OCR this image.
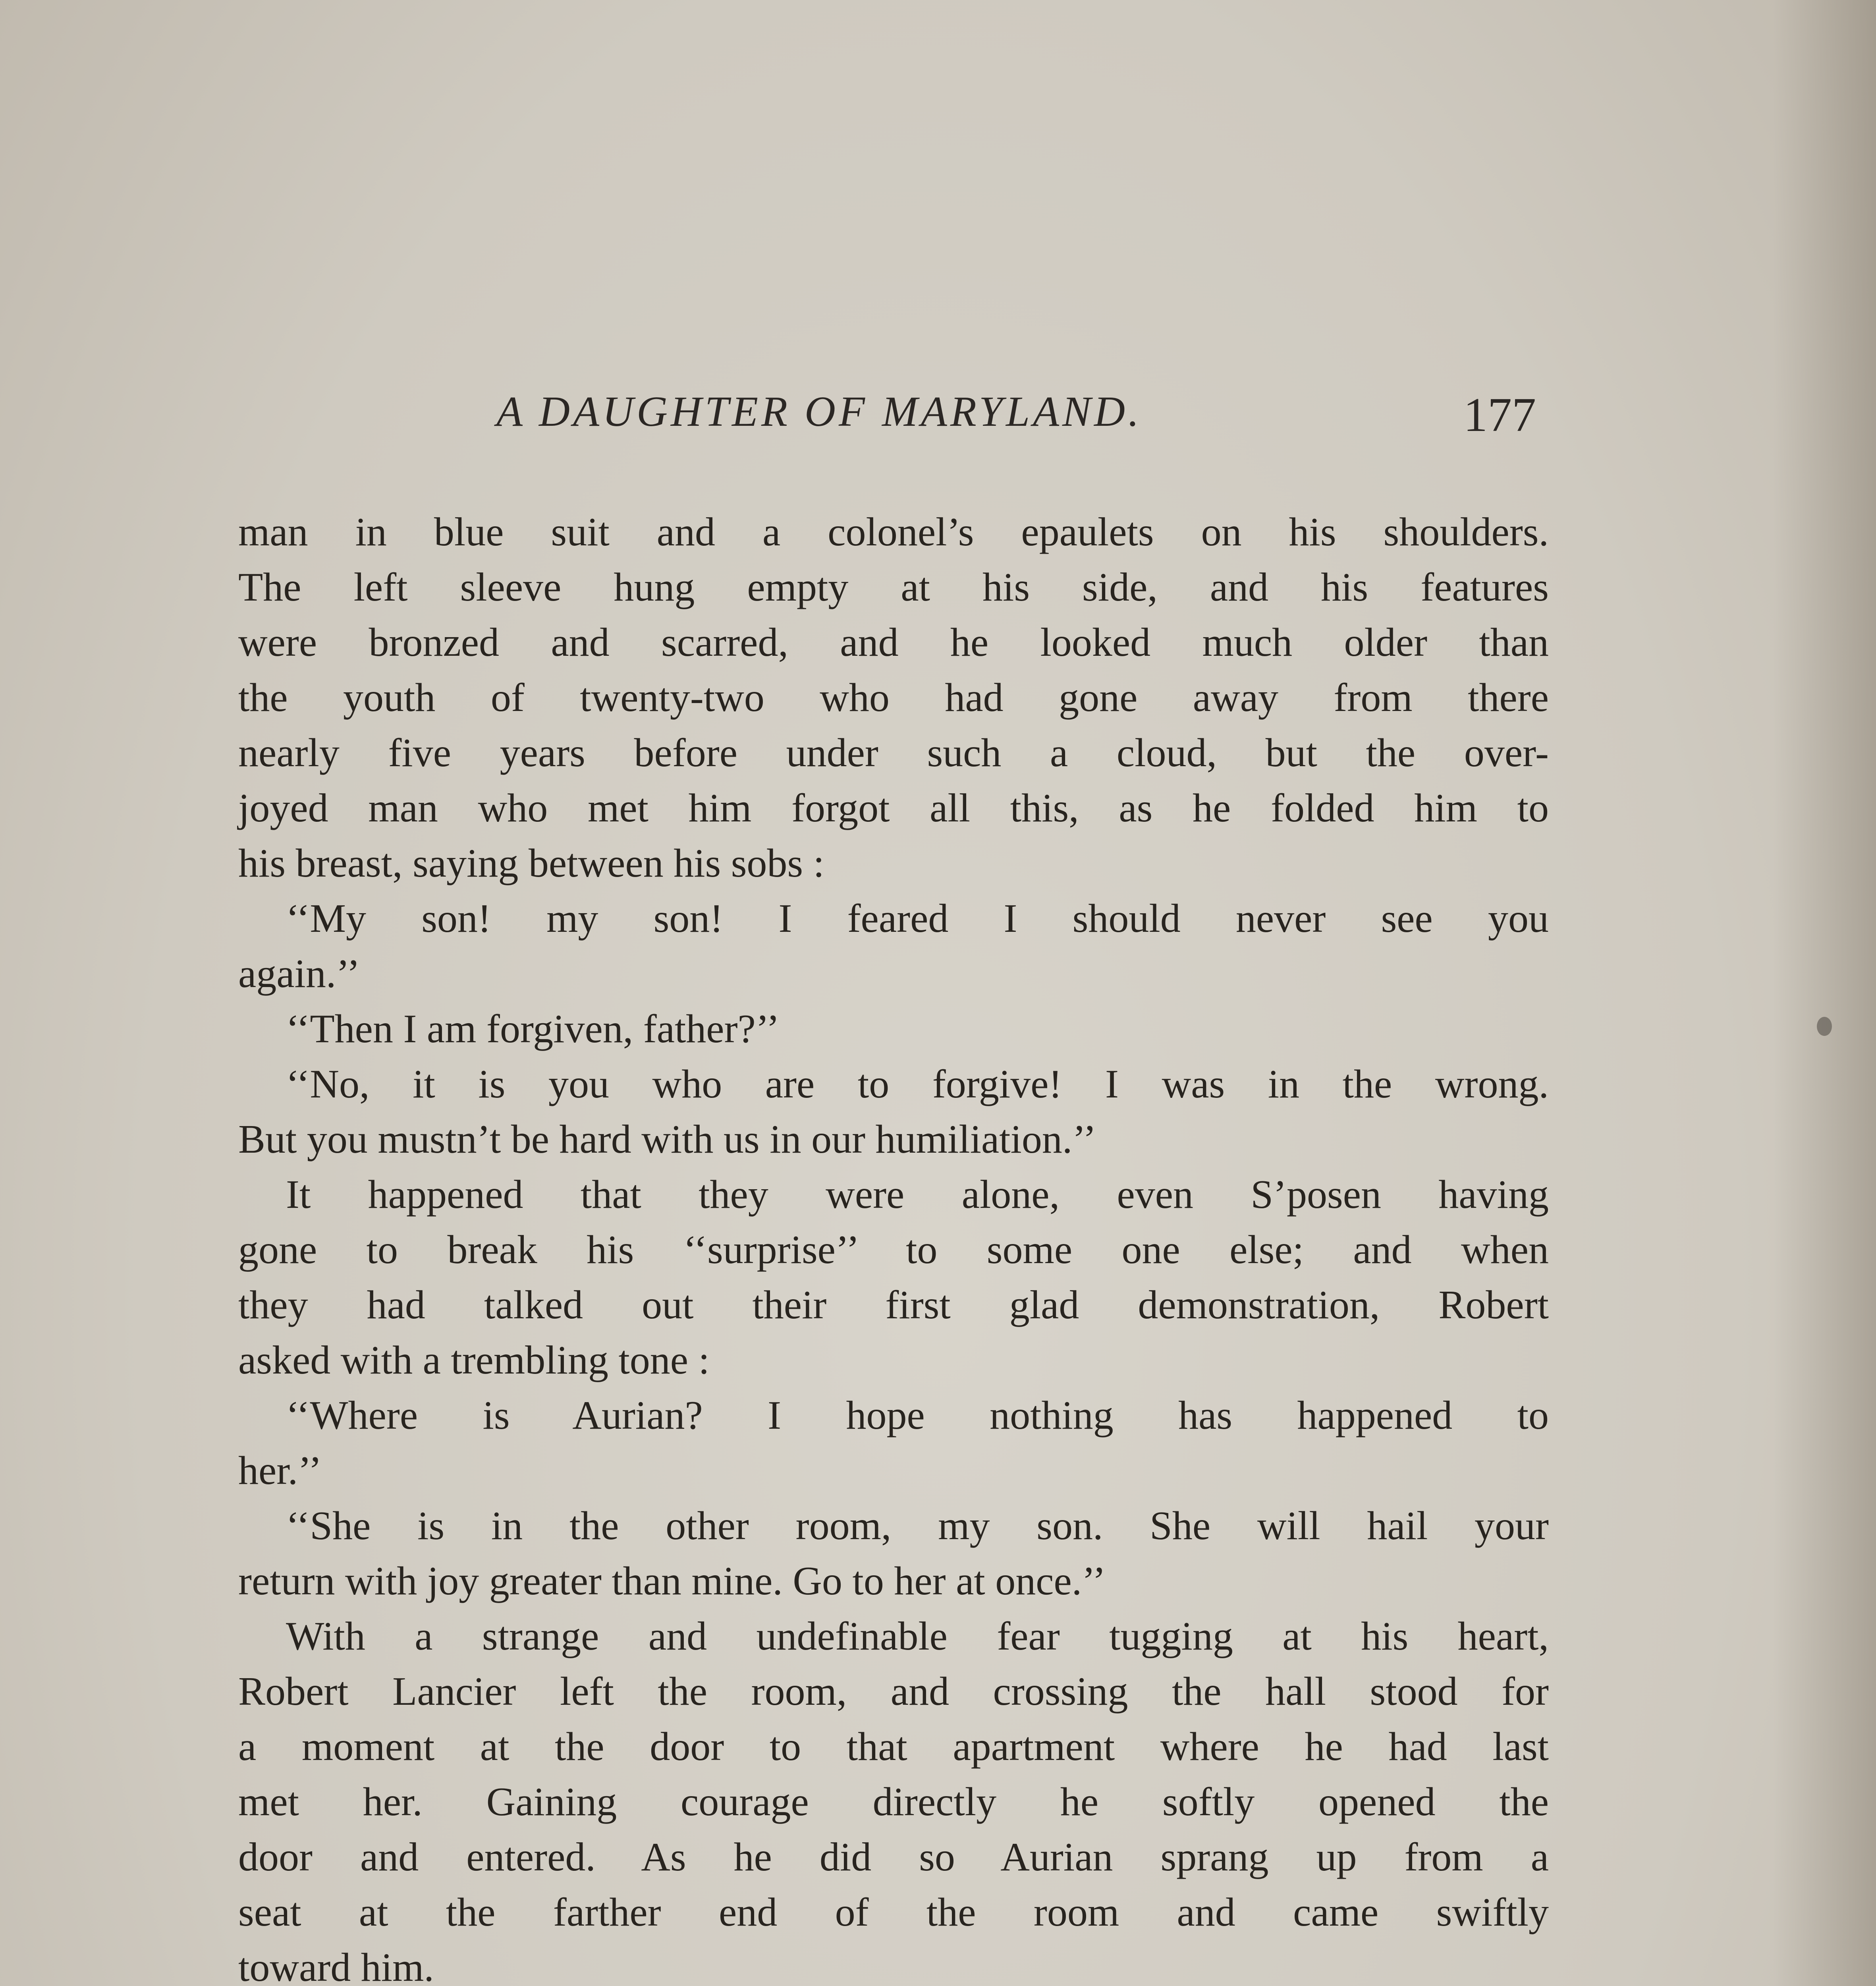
A DAUGHTER OF MARYLAND.	177
man in blue suit and a colonel’s epaulets on his shoulders.
The left sleeve hung empty at his side, and his features
were bronzed and scarred, and he looked much older than
the youth of twenty-two who had gone away from there
nearly five years before under such a cloud, but the over-
joyed man who met him forgot all this, as he folded him to
his breast, saying between his sobs :
‘‘My son! my son! I feared I should never see you
again.’’
‘‘Then I am forgiven, father?’’
‘‘No, it is you who are to forgive! I was in the wrong.
But you mustn’t be hard with us in our humiliation.’’
It happened that they were alone, even S’posen having
gone to break his ‘‘surprise’’ to some one else; and when
they had talked out their first glad demonstration, Robert
asked with a trembling tone :
‘‘Where is Aurian? I hope nothing has happened to
her.’’
‘‘She is in the other room, my son. She will hail your
return with joy greater than mine. Go to her at once.’’
With a strange and undefinable fear tugging at his heart,
Robert Lancier left the room, and crossing the hall stood for
a moment at the door to that apartment where he had last
met her. Gaining courage directly he softly opened the
door and entered. As he did so Aurian sprang up from a
seat at the farther end of the room and came swiftly
toward him.
